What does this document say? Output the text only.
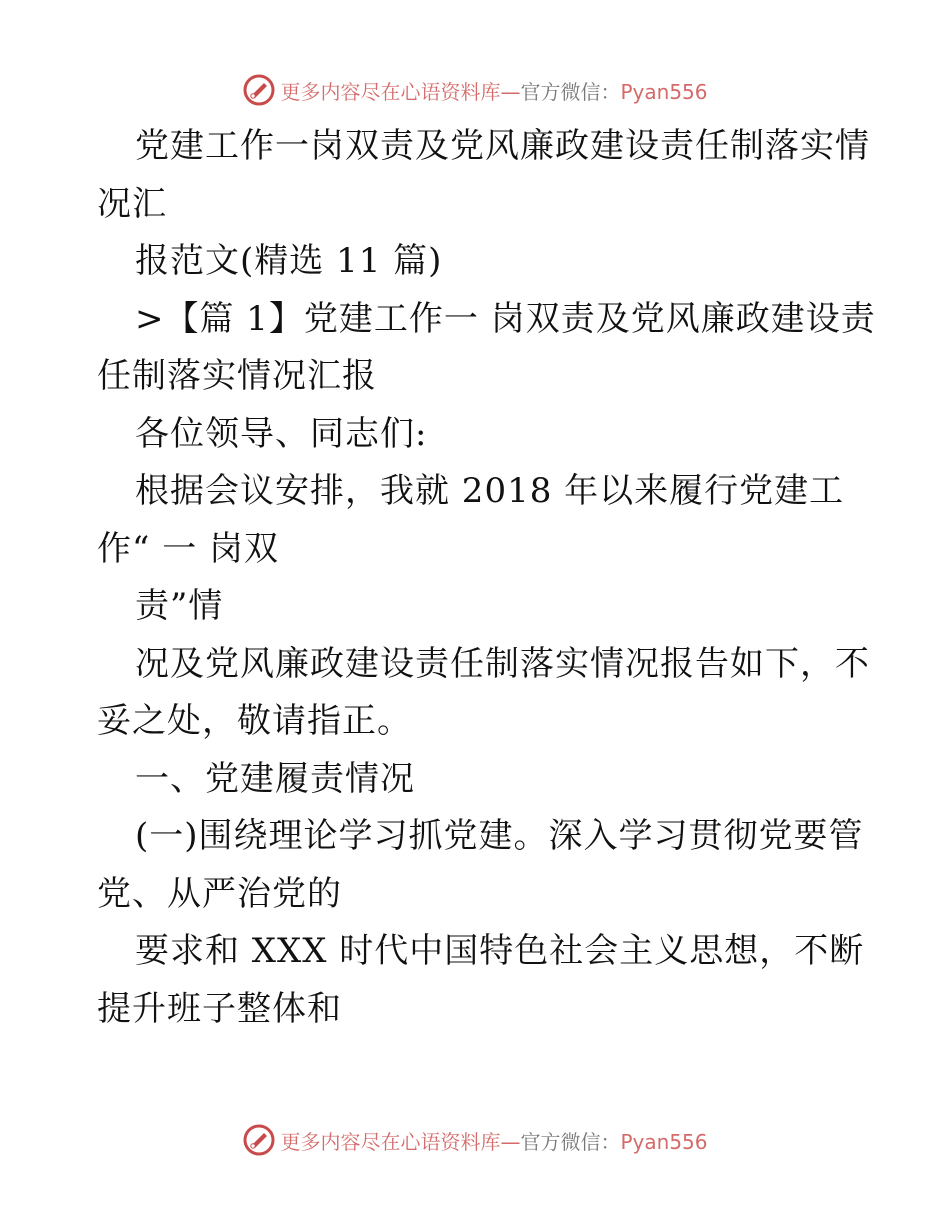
更多内容尽在心语资料库—官方微信：Pyan556
党建工作一岗双责及党风廉政建设责任制落实情
况汇
报范文(精选 11 篇)
>【篇 1】党建工作一 岗双责及党风廉政建设责
任制落实情况汇报
各位领导、同志们:
根据会议安排，我就 2018 年以来履行党建工
作“ 一 岗双
责”情
况及党风廉政建设责任制落实情况报告如下，不
妥之处，敬请指正。
一、党建履责情况
(一)围绕理论学习抓党建。深入学习贯彻党要管
党、从严治党的
要求和 XXX 时代中国特色社会主义思想，不断
提升班子整体和
更多内容尽在心语资料库—官方微信：Pyan556
